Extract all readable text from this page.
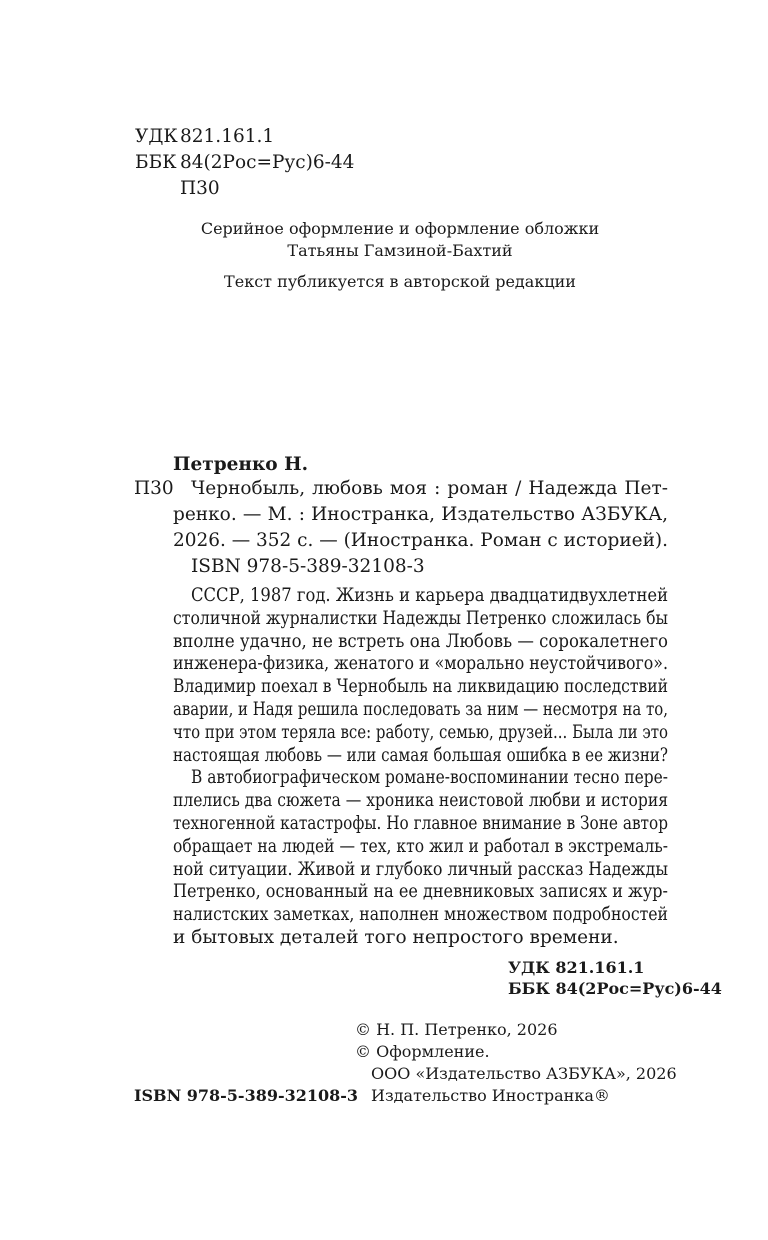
УДК 821.161.1
ББК 84(2Рос=Рус)6-44
П30
Серийное оформление и оформление обложки
Татьяны Гамзиной-Бахтий
Текст публикуется в авторской редакции
Петренко Н.
П30 Чернобыль, любовь моя : роман / Надежда Пет-
ренко. — М. : Иностранка, Издательство АЗБУКА,
2026. — 352 с. — (Иностранка. Роман с историей).
ISBN 978-5-389-32108-3
СССР, 1987 год. Жизнь и карьера двадцатидвухлетней
столичной журналистки Надежды Петренко сложилась бы
вполне удачно, не встреть она Любовь — сорокалетнего
инженера-физика, женатого и «морально неустойчивого».
Владимир поехал в Чернобыль на ликвидацию последствий
аварии, и Надя решила последовать за ним — несмотря на то,
что при этом теряла все: работу, семью, друзей... Была ли это
настоящая любовь — или самая большая ошибка в ее жизни?
В автобиографическом романе-воспоминании тесно пере-
плелись два сюжета — хроника неистовой любви и история
техногенной катастрофы. Но главное внимание в Зоне автор
обращает на людей — тех, кто жил и работал в экстремаль-
ной ситуации. Живой и глубоко личный рассказ Надежды
Петренко, основанный на ее дневниковых записях и жур-
налистских заметках, наполнен множеством подробностей
и бытовых деталей того непростого времени.
УДК 821.161.1
ББК 84(2Рос=Рус)6-44
© Н. П. Петренко, 2026
© Оформление.
ООО «Издательство АЗБУКА», 2026
Издательство Иностранка®
ISBN 978-5-389-32108-3
